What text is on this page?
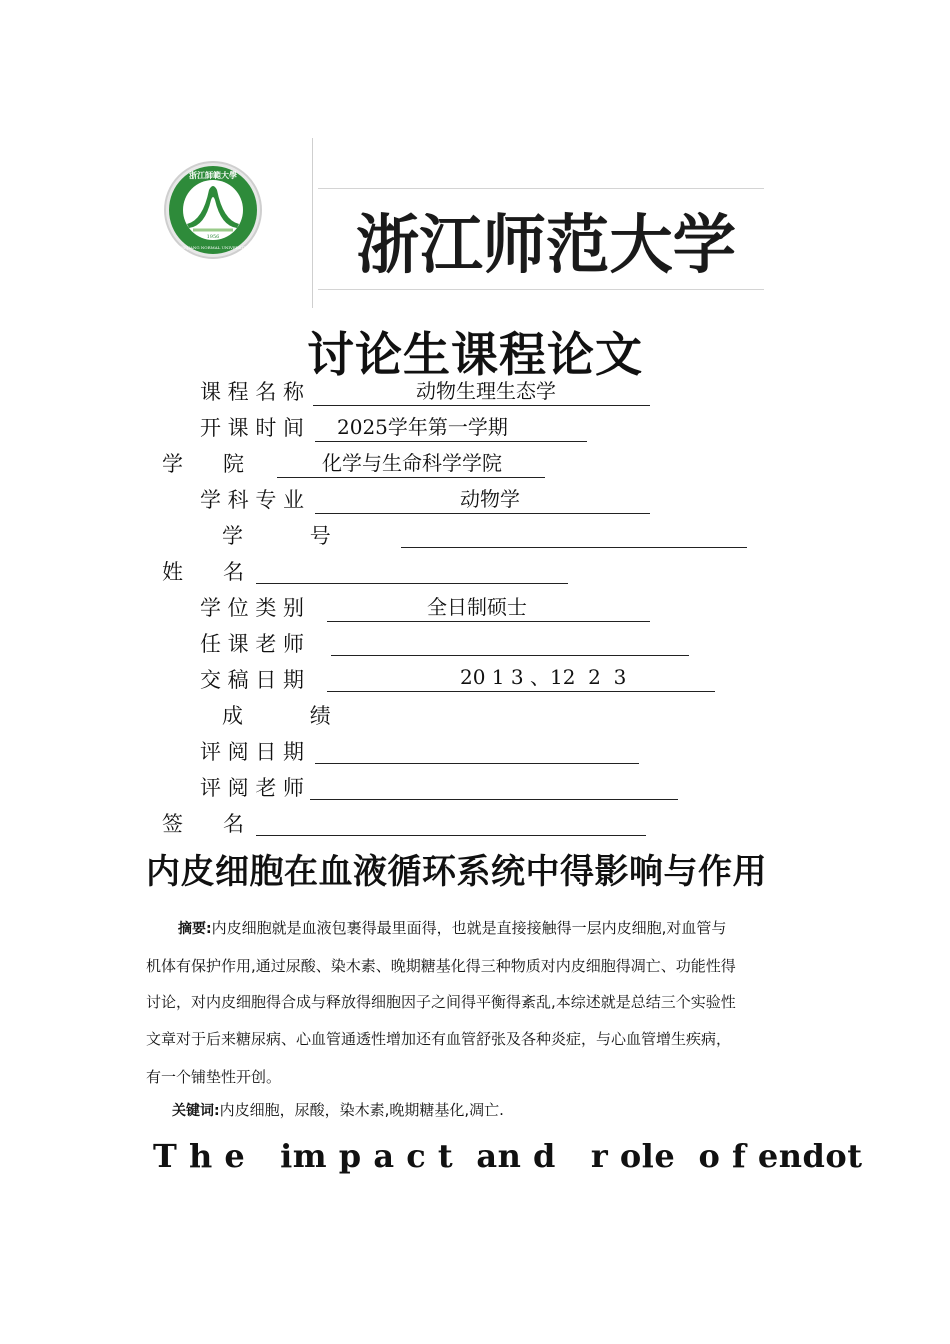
浙江師範大學
1956
ZHEJIANG NORMAL UNIVERSITY 浙江师范大学
讨论生课程论文
课 程 名 称	动物生理生态学
开 课 时 间 2025学年第一学期
学      院	化学与生命科学学院
学 科 专 业	动物学
学          号
姓      名
学 位 类 别	全日制硕士
任 课 老 师
交 稿 日 期	20 1 3 、12  2  3
成          绩
评 阅 日 期
评 阅 老 师
签      名
内皮细胞在血液循环系统中得影响与作用
摘要:内皮细胞就是血液包裹得最里面得，也就是直接接触得一层内皮细胞,对血管与
机体有保护作用,通过尿酸、染木素、晚期糖基化得三种物质对内皮细胞得凋亡、功能性得
讨论，对内皮细胞得合成与释放得细胞因子之间得平衡得紊乱,本综述就是总结三个实验性
文章对于后来糖尿病、心血管通透性增加还有血管舒张及各种炎症，与心血管增生疾病，
有一个铺垫性开创。
关键词:内皮细胞，尿酸，染木素,晚期糖基化,凋亡.
T h e   im p a c t  an d   r ole  o f endot
